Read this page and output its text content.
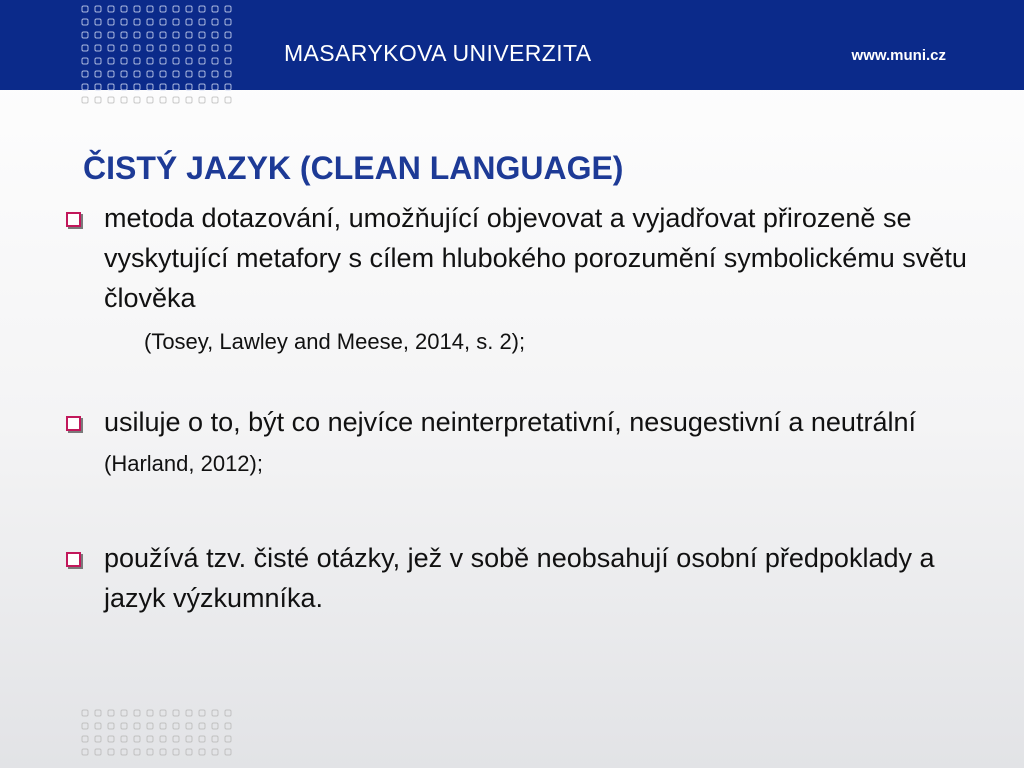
MASARYKOVA UNIVERZITA	www.muni.cz
ČISTÝ JAZYK (CLEAN LANGUAGE)
metoda dotazování, umožňující objevovat a vyjadřovat přirozeně se vyskytující metafory s cílem hlubokého porozumění symbolickému světu člověka
(Tosey, Lawley and Meese, 2014, s. 2);
usiluje o to, být co nejvíce neinterpretativní, nesugestivní a neutrální (Harland, 2012);
používá tzv. čisté otázky, jež v sobě neobsahují osobní předpoklady a jazyk výzkumníka.
